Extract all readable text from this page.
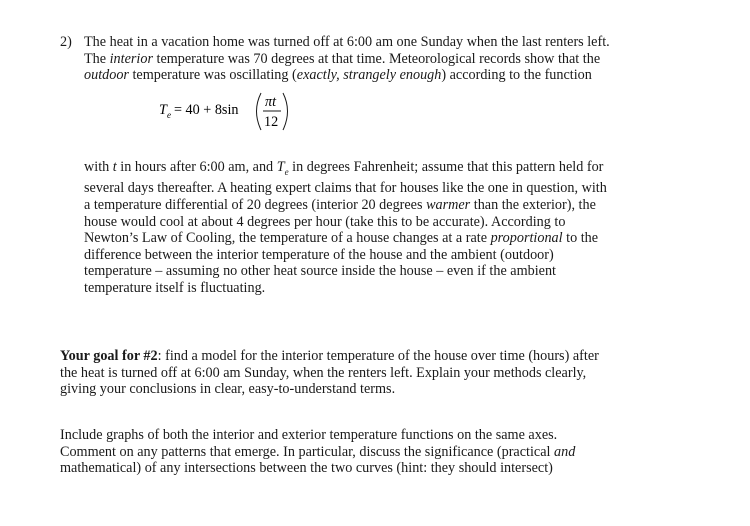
2) The heat in a vacation home was turned off at 6:00 am one Sunday when the last renters left.
The interior temperature was 70 degrees at that time. Meteorological records show that the
outdoor temperature was oscillating (exactly, strangely enough) according to the function
T e = 40 + 8sin πt
12
with t in hours after 6:00 am, and $T_e$ in degrees Fahrenheit; assume that this pattern held for
several days thereafter. A heating expert claims that for houses like the one in question, with
a temperature differential of 20 degrees (interior 20 degrees warmer than the exterior), the
house would cool at about 4 degrees per hour (take this to be accurate). According to
Newton’s Law of Cooling, the temperature of a house changes at a rate proportional to the
difference between the interior temperature of the house and the ambient (outdoor)
temperature – assuming no other heat source inside the house – even if the ambient
temperature itself is fluctuating.
Your goal for #2: find a model for the interior temperature of the house over time (hours) after
the heat is turned off at 6:00 am Sunday, when the renters left. Explain your methods clearly,
giving your conclusions in clear, easy-to-understand terms.
Include graphs of both the interior and exterior temperature functions on the same axes.
Comment on any patterns that emerge. In particular, discuss the significance (practical and
mathematical) of any intersections between the two curves (hint: they should intersect)
